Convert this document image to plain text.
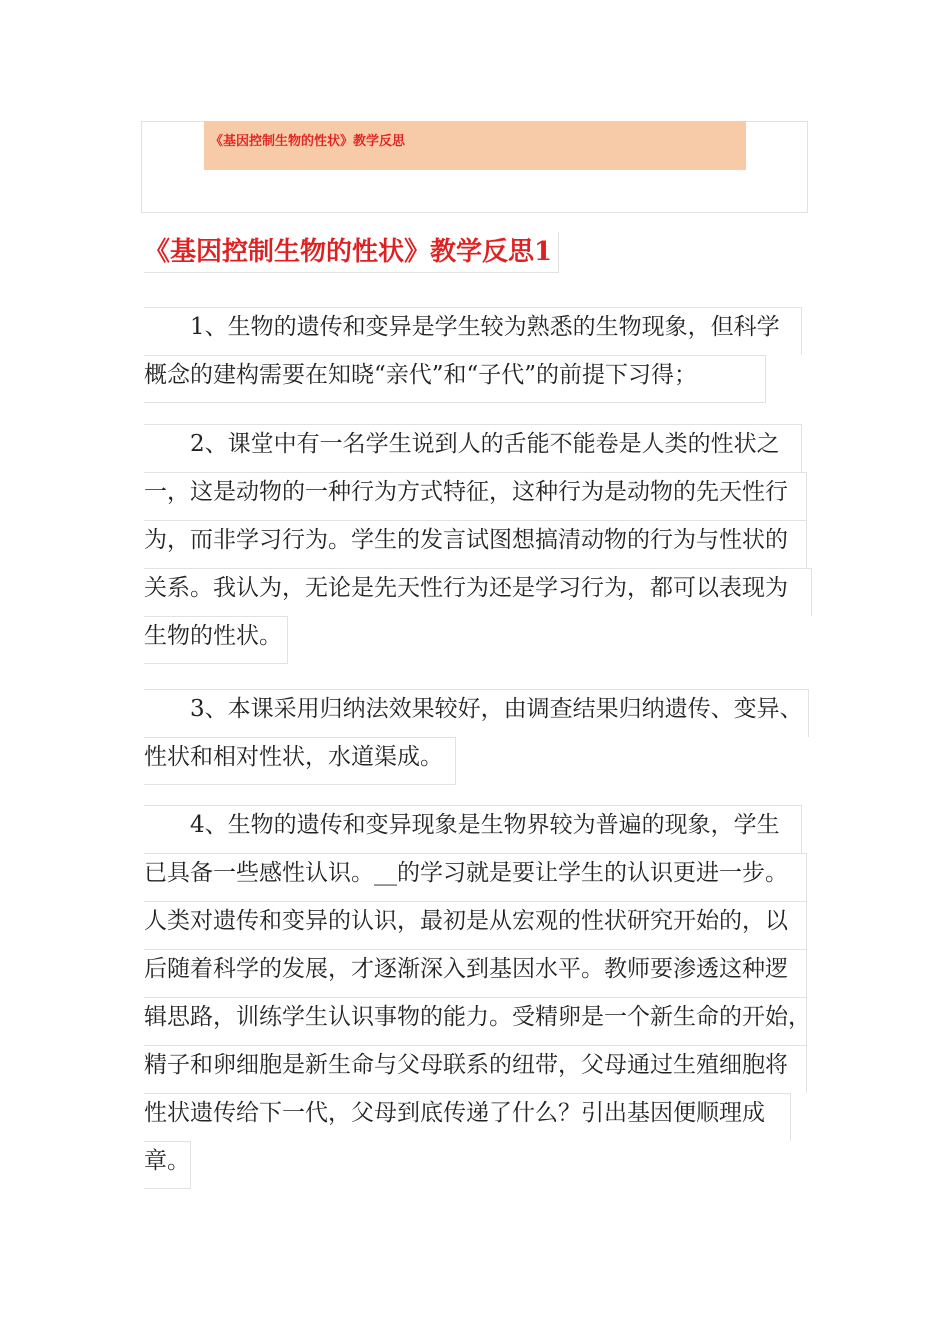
《基因控制生物的性状》教学反思
《基因控制生物的性状》教学反思1
1、生物的遗传和变异是学生较为熟悉的生物现象，但科学
概念的建构需要在知晓“亲代”和“子代”的前提下习得；
2、课堂中有一名学生说到人的舌能不能卷是人类的性状之
一，这是动物的一种行为方式特征，这种行为是动物的先天性行
为，而非学习行为。学生的发言试图想搞清动物的行为与性状的
关系。我认为，无论是先天性行为还是学习行为，都可以表现为
生物的性状。
3、本课采用归纳法效果较好，由调查结果归纳遗传、变异、
性状和相对性状，水道渠成。
4、生物的遗传和变异现象是生物界较为普遍的现象，学生
已具备一些感性认识。__的学习就是要让学生的认识更进一步。
人类对遗传和变异的认识，最初是从宏观的性状研究开始的，以
后随着科学的发展，才逐渐深入到基因水平。教师要渗透这种逻
辑思路，训练学生认识事物的能力。受精卵是一个新生命的开始，
精子和卵细胞是新生命与父母联系的纽带，父母通过生殖细胞将
性状遗传给下一代，父母到底传递了什么？引出基因便顺理成
章。
